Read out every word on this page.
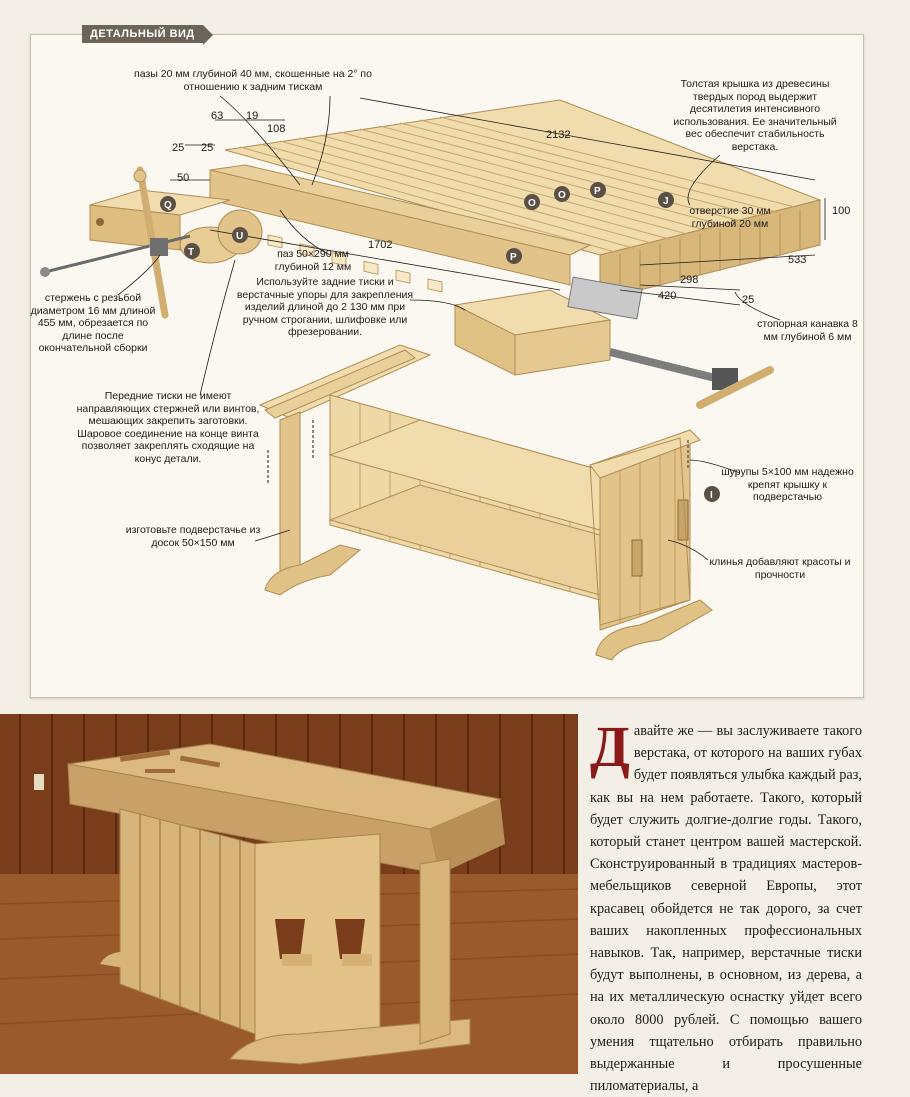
ДЕТАЛЬНЫЙ ВИД
2132
1702
100
533
420
298
25 25
25
50
63 19
108
Q
T
U
O
O	P
P
J
I
пазы 20 мм глубиной 40 мм, скошенные на 2° по отношению к задним тискам	Толстая крышка из древесины твердых пород выдержит десятилетия интенсивного использования. Ее значительный вес обеспечит стабильность верстака.
отверстие 30 мм глубиной 20 мм
паз 50×290 мм глубиной 12 мм
стержень с резьбой диаметром 16 мм длиной 455 мм, обрезается по длине после окончательной сборки
Используйте задние тиски и верстачные упоры для закрепления изделий длиной до 2 130 мм при ручном строгании, шлифовке или фрезеровании.
стопорная канавка 8 мм глубиной 6 мм
Передние тиски не имеют направляющих стержней или винтов, мешающих закрепить заготовки. Шаровое соединение на конце винта позволяет закреплять сходящие на конус детали.
шурупы 5×100 мм надежно крепят крышку к подверстачью
изготовьте подверстачье из досок 50×150 мм
клинья добавляют красоты и прочности
Д авайте же — вы заслуживаете такого верстака, от которого на ваших губах будет появляться улыбка каждый раз, как вы на нем работаете. Такого, который будет служить долгие-долгие годы. Такого, который станет центром вашей мастерской. Сконструированный в традициях мастеров-мебельщиков северной Европы, этот красавец обойдется не так дорого, за счет ваших накопленных профессиональных навыков. Так, например, верстачные тиски будут выполнены, в основном, из дерева, а на их металлическую оснастку уйдет всего около 8000 рублей. С помощью вашего умения тщательно отбирать правильно выдержанные и просушенные пиломатериалы, а
